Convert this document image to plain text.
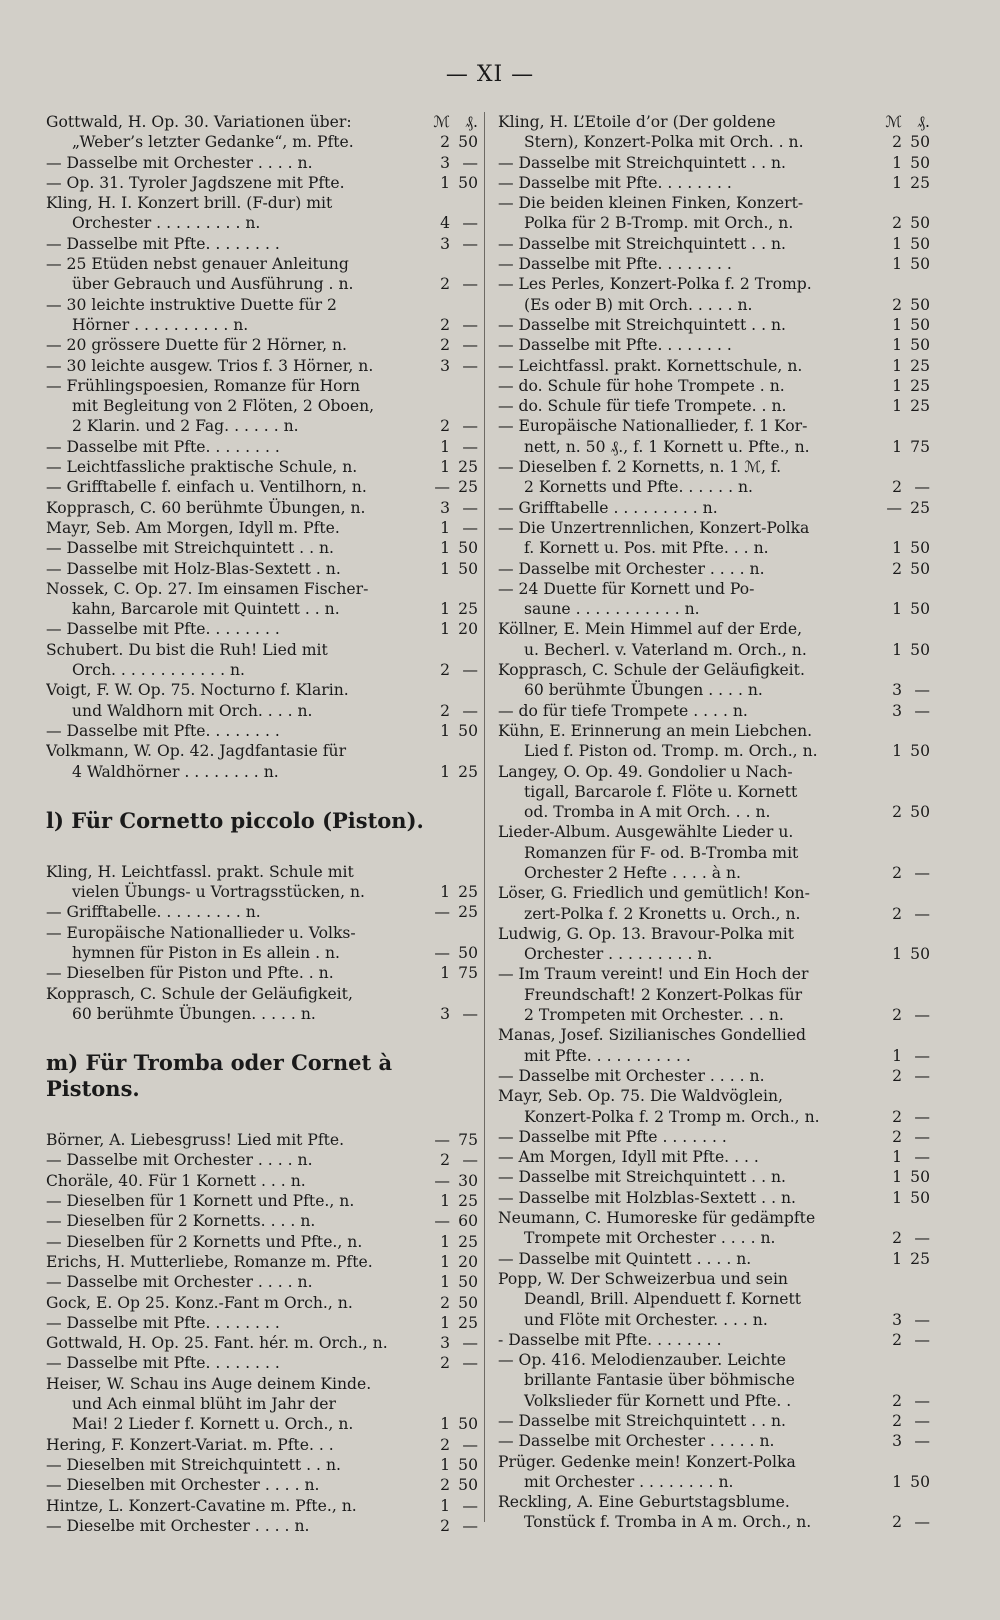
— XI —
Gottwald, H. Op. 30. Variationen über:	ℳ ₰.
„Weber’s letzter Gedanke“, m. Pfte.	2 50
— Dasselbe mit Orchester . . . . n.	3 —
— Op. 31. Tyroler Jagdszene mit Pfte.	1 50
Kling, H. I. Konzert brill. (F-dur) mit
Orchester . . . . . . . . . n.	4 —
— Dasselbe mit Pfte. . . . . . . .	3 —
— 25 Etüden nebst genauer Anleitung
über Gebrauch und Ausführung . n.	2 —
— 30 leichte instruktive Duette für 2
Hörner . . . . . . . . . . n.	2 —
— 20 grössere Duette für 2 Hörner, n.	2 —
— 30 leichte ausgew. Trios f. 3 Hörner, n.	3 —
— Frühlingspoesien, Romanze für Horn
mit Begleitung von 2 Flöten, 2 Oboen,
2 Klarin. und 2 Fag. . . . . . n.	2 —
— Dasselbe mit Pfte. . . . . . . .	1 —
— Leichtfassliche praktische Schule, n.	1 25
— Grifftabelle f. einfach u. Ventilhorn, n.	— 25
Kopprasch, C. 60 berühmte Übungen, n.	3 —
Mayr, Seb. Am Morgen, Idyll m. Pfte.	1 —
— Dasselbe mit Streichquintett . . n.	1 50
— Dasselbe mit Holz-Blas-Sextett . n.	1 50
Nossek, C. Op. 27. Im einsamen Fischer-
kahn, Barcarole mit Quintett . . n.	1 25
— Dasselbe mit Pfte. . . . . . . .	1 20
Schubert. Du bist die Ruh! Lied mit
Orch. . . . . . . . . . . . n.	2 —
Voigt, F. W. Op. 75. Nocturno f. Klarin.
und Waldhorn mit Orch. . . . n.	2 —
— Dasselbe mit Pfte. . . . . . . .	1 50
Volkmann, W. Op. 42. Jagdfantasie für
4 Waldhörner . . . . . . . . n.	1 25
l) Für Cornetto piccolo (Piston).
Kling, H. Leichtfassl. prakt. Schule mit
vielen Übungs- u Vortragsstücken, n.	1 25
— Grifftabelle. . . . . . . . . n.	— 25
— Europäische Nationallieder u. Volks-
hymnen für Piston in Es allein . n.	— 50
— Dieselben für Piston und Pfte. . n.	1 75
Kopprasch, C. Schule der Geläufigkeit,
60 berühmte Übungen. . . . . n.	3 —
m) Für Tromba oder Cornet à Pistons.
Börner, A. Liebesgruss! Lied mit Pfte.	— 75
— Dasselbe mit Orchester . . . . n.	2 —
Choräle, 40. Für 1 Kornett . . . n.	— 30
— Dieselben für 1 Kornett und Pfte., n.	1 25
— Dieselben für 2 Kornetts. . . . n.	— 60
— Dieselben für 2 Kornetts und Pfte., n.	1 25
Erichs, H. Mutterliebe, Romanze m. Pfte.	1 20
— Dasselbe mit Orchester . . . . n.	1 50
Gock, E. Op 25. Konz.-Fant m Orch., n.	2 50
— Dasselbe mit Pfte. . . . . . . .	1 25
Gottwald, H. Op. 25. Fant. hér. m. Orch., n.	3 —
— Dasselbe mit Pfte. . . . . . . .	2 —
Heiser, W. Schau ins Auge deinem Kinde.
und Ach einmal blüht im Jahr der
Mai! 2 Lieder f. Kornett u. Orch., n.	1 50
Hering, F. Konzert-Variat. m. Pfte. . .	2 —
— Dieselben mit Streichquintett . . n.	1 50
— Dieselben mit Orchester . . . . n.	2 50
Hintze, L. Konzert-Cavatine m. Pfte., n.	1 —
— Dieselbe mit Orchester . . . . n.	2 —
Kling, H. L’Etoile d’or (Der goldene	ℳ ₰.
Stern), Konzert-Polka mit Orch. . n.	2 50
— Dasselbe mit Streichquintett . . n.	1 50
— Dasselbe mit Pfte. . . . . . . .	1 25
— Die beiden kleinen Finken, Konzert-
Polka für 2 B-Tromp. mit Orch., n.	2 50
— Dasselbe mit Streichquintett . . n.	1 50
— Dasselbe mit Pfte. . . . . . . .	1 50
— Les Perles, Konzert-Polka f. 2 Tromp.
(Es oder B) mit Orch. . . . . n.	2 50
— Dasselbe mit Streichquintett . . n.	1 50
— Dasselbe mit Pfte. . . . . . . .	1 50
— Leichtfassl. prakt. Kornettschule, n.	1 25
— do. Schule für hohe Trompete . n.	1 25
— do. Schule für tiefe Trompete. . n.	1 25
— Europäische Nationallieder, f. 1 Kor-
nett, n. 50 ₰., f. 1 Kornett u. Pfte., n.	1 75
— Dieselben f. 2 Kornetts, n. 1 ℳ, f.
2 Kornetts und Pfte. . . . . . n.	2 —
— Grifftabelle . . . . . . . . . n.	— 25
— Die Unzertrennlichen, Konzert-Polka
f. Kornett u. Pos. mit Pfte. . . n.	1 50
— Dasselbe mit Orchester . . . . n.	2 50
— 24 Duette für Kornett und Po-
saune . . . . . . . . . . . n.	1 50
Köllner, E. Mein Himmel auf der Erde,
u. Becherl. v. Vaterland m. Orch., n.	1 50
Kopprasch, C. Schule der Geläufigkeit.
60 berühmte Übungen . . . . n.	3 —
— do für tiefe Trompete . . . . n.	3 —
Kühn, E. Erinnerung an mein Liebchen.
Lied f. Piston od. Tromp. m. Orch., n.	1 50
Langey, O. Op. 49. Gondolier u Nach-
tigall, Barcarole f. Flöte u. Kornett
od. Tromba in A mit Orch. . . n.	2 50
Lieder-Album. Ausgewählte Lieder u.
Romanzen für F- od. B-Tromba mit
Orchester 2 Hefte . . . . à n.	2 —
Löser, G. Friedlich und gemütlich! Kon-
zert-Polka f. 2 Kronetts u. Orch., n.	2 —
Ludwig, G. Op. 13. Bravour-Polka mit
Orchester . . . . . . . . . n.	1 50
— Im Traum vereint! und Ein Hoch der
Freundschaft! 2 Konzert-Polkas für
2 Trompeten mit Orchester. . . n.	2 —
Manas, Josef. Sizilianisches Gondellied
mit Pfte. . . . . . . . . . .	1 —
— Dasselbe mit Orchester . . . . n.	2 —
Mayr, Seb. Op. 75. Die Waldvöglein,
Konzert-Polka f. 2 Tromp m. Orch., n.	2 —
— Dasselbe mit Pfte . . . . . . .	2 —
— Am Morgen, Idyll mit Pfte. . . .	1 —
— Dasselbe mit Streichquintett . . n.	1 50
— Dasselbe mit Holzblas-Sextett . . n.	1 50
Neumann, C. Humoreske für gedämpfte
Trompete mit Orchester . . . . n.	2 —
— Dasselbe mit Quintett . . . . n.	1 25
Popp, W. Der Schweizerbua und sein
Deandl, Brill. Alpenduett f. Kornett
und Flöte mit Orchester. . . . n.	3 —
- Dasselbe mit Pfte. . . . . . . .	2 —
— Op. 416. Melodienzauber. Leichte
brillante Fantasie über böhmische
Volkslieder für Kornett und Pfte. .	2 —
— Dasselbe mit Streichquintett . . n.	2 —
— Dasselbe mit Orchester . . . . . n.	3 —
Prüger. Gedenke mein! Konzert-Polka
mit Orchester . . . . . . . . n.	1 50
Reckling, A. Eine Geburtstagsblume.
Tonstück f. Tromba in A m. Orch., n.	2 —
